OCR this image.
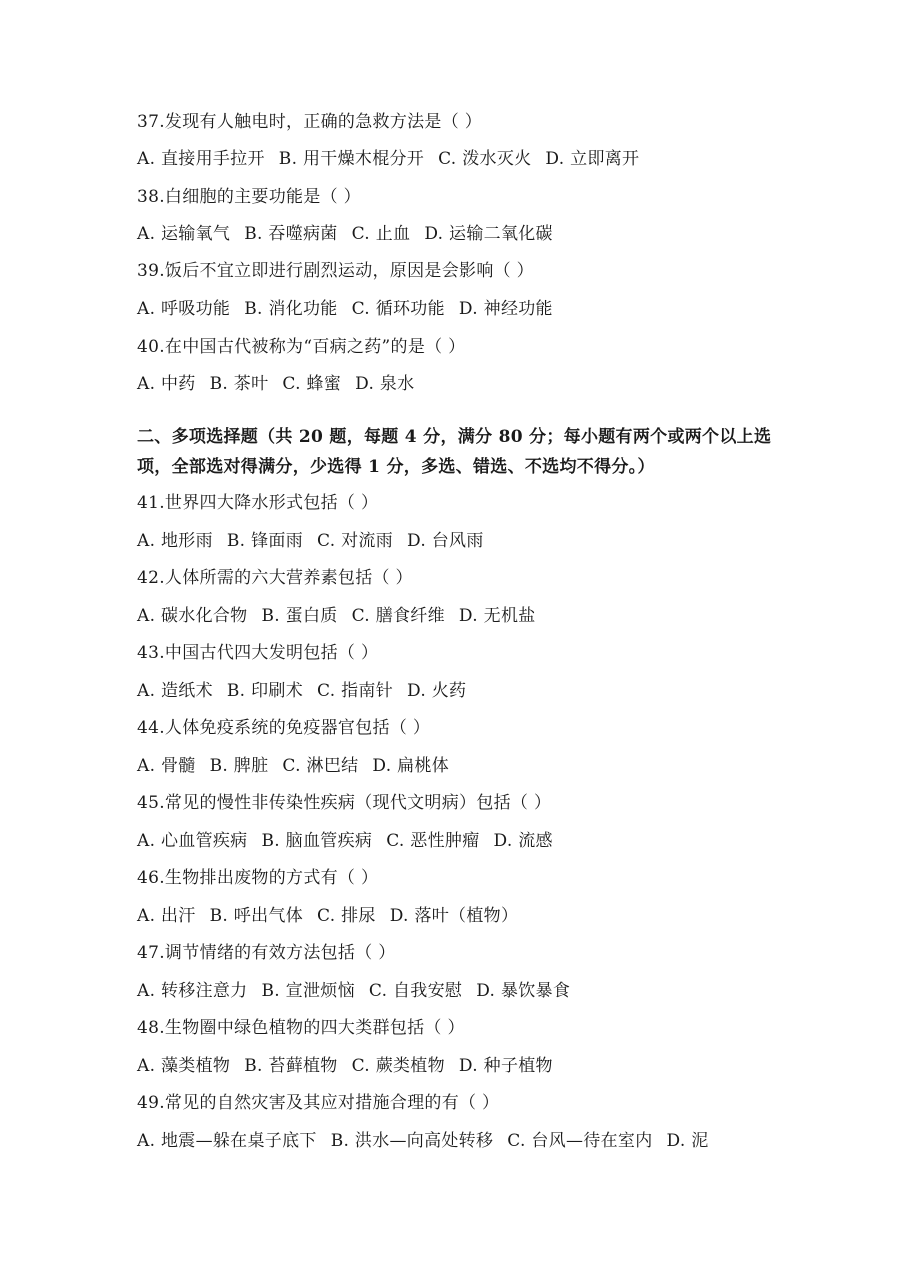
37.发现有人触电时，正确的急救方法是（ ）
A. 直接用手拉开 B. 用干燥木棍分开 C. 泼水灭火 D. 立即离开
38.白细胞的主要功能是（ ）
A. 运输氧气 B. 吞噬病菌 C. 止血 D. 运输二氧化碳
39.饭后不宜立即进行剧烈运动，原因是会影响（ ）
A. 呼吸功能 B. 消化功能 C. 循环功能 D. 神经功能
40.在中国古代被称为“百病之药”的是（ ）
A. 中药 B. 茶叶 C. 蜂蜜 D. 泉水
二、多项选择题（共 20 题，每题 4 分，满分 80 分；每小题有两个或两个以上选项，全部选对得满分，少选得 1 分，多选、错选、不选均不得分。）
41.世界四大降水形式包括（ ）
A. 地形雨 B. 锋面雨 C. 对流雨 D. 台风雨
42.人体所需的六大营养素包括（ ）
A. 碳水化合物 B. 蛋白质 C. 膳食纤维 D. 无机盐
43.中国古代四大发明包括（ ）
A. 造纸术 B. 印刷术 C. 指南针 D. 火药
44.人体免疫系统的免疫器官包括（ ）
A. 骨髓 B. 脾脏 C. 淋巴结 D. 扁桃体
45.常见的慢性非传染性疾病（现代文明病）包括（ ）
A. 心血管疾病 B. 脑血管疾病 C. 恶性肿瘤 D. 流感
46.生物排出废物的方式有（ ）
A. 出汗 B. 呼出气体 C. 排尿 D. 落叶（植物）
47.调节情绪的有效方法包括（ ）
A. 转移注意力 B. 宣泄烦恼 C. 自我安慰 D. 暴饮暴食
48.生物圈中绿色植物的四大类群包括（ ）
A. 藻类植物 B. 苔藓植物 C. 蕨类植物 D. 种子植物
49.常见的自然灾害及其应对措施合理的有（ ）
A. 地震—躲在桌子底下 B. 洪水—向高处转移 C. 台风—待在室内 D. 泥
